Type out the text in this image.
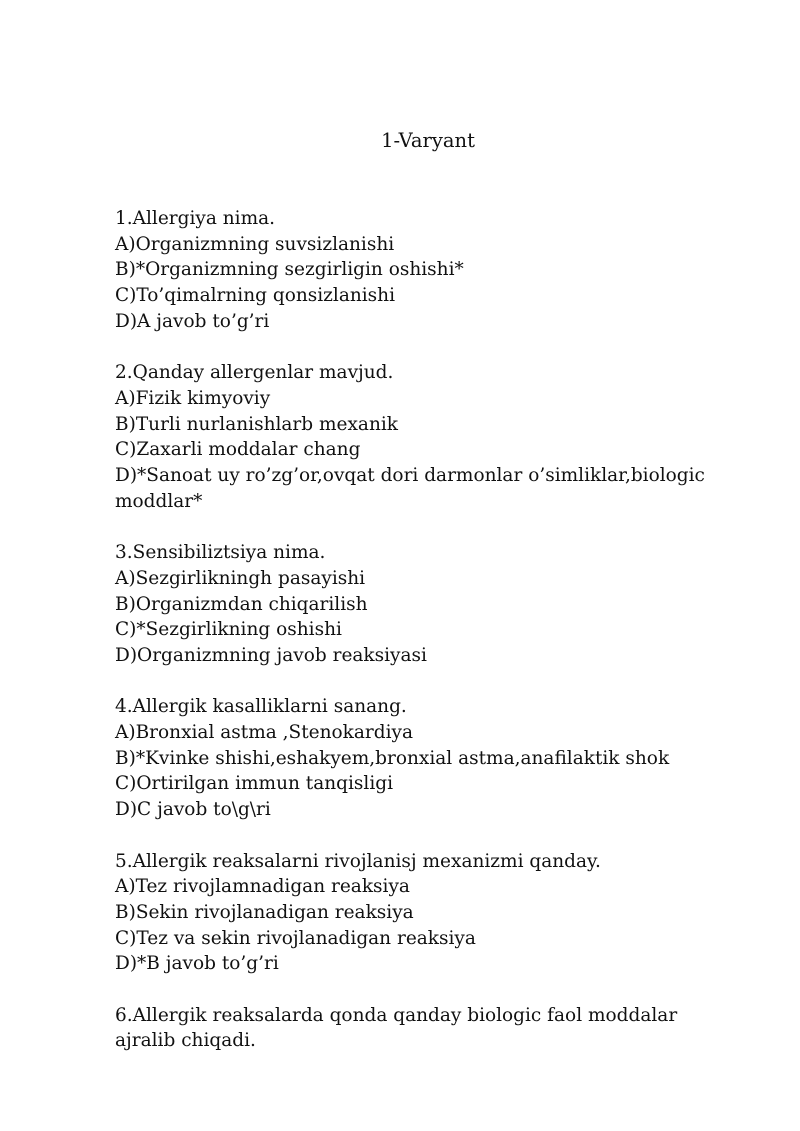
1-Varyant
1.Allergiya nima.
A)Organizmning suvsizlanishi
B)*Organizmning sezgirligin oshishi*
C)To’qimalrning qonsizlanishi
D)A javob to’g’ri
2.Qanday allergenlar mavjud.
A)Fizik kimyoviy
B)Turli nurlanishlarb mexanik
C)Zaxarli moddalar chang
D)*Sanoat uy ro’zg’or,ovqat dori darmonlar o’simliklar,biologic moddlar*
3.Sensibiliztsiya nima.
A)Sezgirlikningh pasayishi
B)Organizmdan chiqarilish
C)*Sezgirlikning oshishi
D)Organizmning javob reaksiyasi
4.Allergik kasalliklarni sanang.
A)Bronxial astma ,Stenokardiya
B)*Kvinke shishi,eshakyem,bronxial astma,anafilaktik shok
C)Ortirilgan immun tanqisligi
D)C javob to\g\ri
5.Allergik reaksalarni rivojlanisj mexanizmi qanday.
A)Tez rivojlamnadigan reaksiya
B)Sekin rivojlanadigan reaksiya
C)Tez va sekin rivojlanadigan reaksiya
D)*B javob to’g’ri
6.Allergik reaksalarda qonda qanday biologic faol moddalar ajralib chiqadi.
